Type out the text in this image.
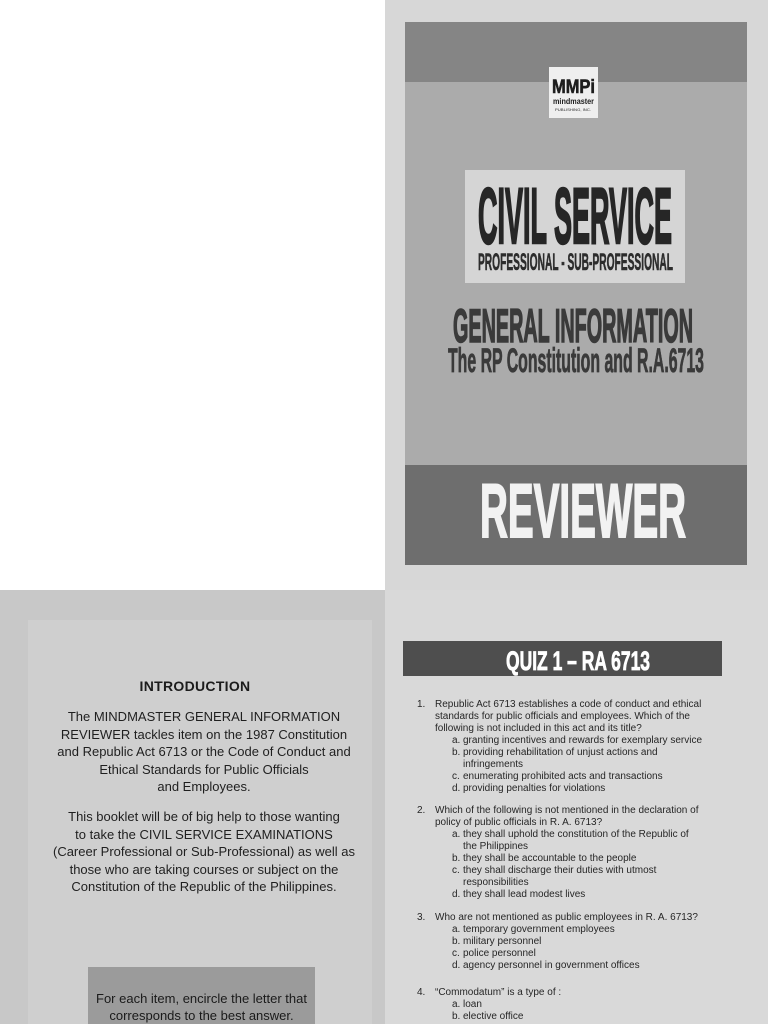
MMPi
mindmaster
PUBLISHING, INC.
CIVIL SERVICE
PROFESSIONAL - SUB-PROFESSIONAL
GENERAL INFORMATION
The RP Constitution and R.A.6713
REVIEWER
INTRODUCTION
The MINDMASTER GENERAL INFORMATION
REVIEWER tackles item on the 1987 Constitution
and Republic Act 6713 or the Code of Conduct and
Ethical Standards for Public Officials
and Employees.
This booklet will be of big help to those wanting
to take the CIVIL SERVICE EXAMINATIONS
(Career Professional or Sub-Professional) as well as
those who are taking courses or subject on the
Constitution of the Republic of the Philippines.
For each item, encircle the letter that
corresponds to the best answer.
QUIZ 1 – RA 6713
1. Republic Act 6713 establishes a code of conduct and ethical
standards for public officials and employees. Which of the
following is not included in this act and its title?
a. granting incentives and rewards for exemplary service
b. providing rehabilitation of unjust actions and
infringements
c. enumerating prohibited acts and transactions
d. providing penalties for violations
2. Which of the following is not mentioned in the declaration of
policy of public officials in R. A. 6713?
a. they shall uphold the constitution of the Republic of
the Philippines
b. they shall be accountable to the people
c. they shall discharge their duties with utmost
responsibilities
d. they shall lead modest lives
3. Who are not mentioned as public employees in R. A. 6713?
a. temporary government employees
b. military personnel
c. police personnel
d. agency personnel in government offices
4. “Commodatum” is a type of :
a. loan
b. elective office
